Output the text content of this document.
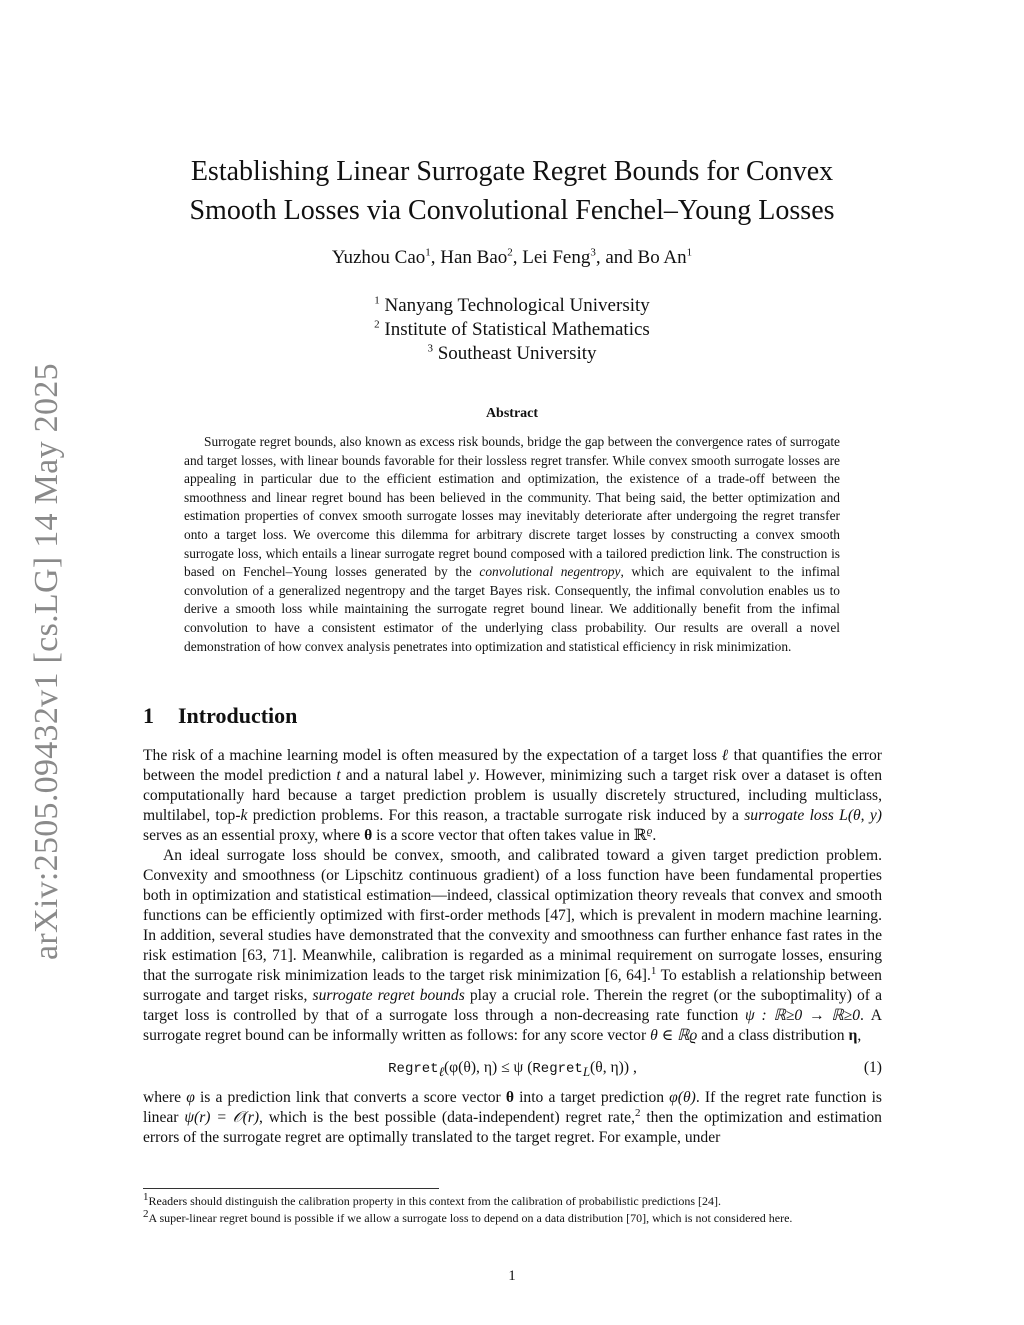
arXiv:2505.09432v1 [cs.LG] 14 May 2025
Establishing Linear Surrogate Regret Bounds for Convex
Smooth Losses via Convolutional Fenchel–Young Losses
Yuzhou Cao$^1$, Han Bao$^2$, Lei Feng$^3$, and Bo An$^1$
$^1$ Nanyang Technological University
$^2$ Institute of Statistical Mathematics
$^3$ Southeast University
Abstract

Surrogate regret bounds, also known as excess risk bounds, bridge the gap between the convergence rates of surrogate and target losses, with linear bounds favorable for their lossless regret transfer. While convex smooth surrogate losses are appealing in particular due to the efficient estimation and optimization, the existence of a trade-off between the smoothness and linear regret bound has been believed in the community. That being said, the better optimization and estimation properties of convex smooth surrogate losses may inevitably deteriorate after undergoing the regret transfer onto a target loss. We overcome this dilemma for arbitrary discrete target losses by constructing a convex smooth surrogate loss, which entails a linear surrogate regret bound composed with a tailored prediction link. The construction is based on Fenchel–Young losses generated by the convolutional negentropy, which are equivalent to the infimal convolution of a generalized negentropy and the target Bayes risk. Consequently, the infimal convolution enables us to derive a smooth loss while maintaining the surrogate regret bound linear. We additionally benefit from the infimal convolution to have a consistent estimator of the underlying class probability. Our results are overall a novel demonstration of how convex analysis penetrates into optimization and statistical efficiency in risk minimization.

1 Introduction

The risk of a machine learning model is often measured by the expectation of a target loss ℓ that quantifies the error between the model prediction t and a natural label y. However, minimizing such a target risk over a dataset is often computationally hard because a target prediction problem is usually discretely structured, including multiclass, multilabel, top-k prediction problems. For this reason, a tractable surrogate risk induced by a surrogate loss L(θ, y) serves as an essential proxy, where θ is a score vector that often takes value in ℝ$^ϱ$.

An ideal surrogate loss should be convex, smooth, and calibrated toward a given target prediction problem. Convexity and smoothness (or Lipschitz continuous gradient) of a loss function have been fundamental properties both in optimization and statistical estimation—indeed, classical optimization theory reveals that convex and smooth functions can be efficiently optimized with first-order methods [47], which is prevalent in modern machine learning. In addition, several studies have demonstrated that the convexity and smoothness can further enhance fast rates in the risk estimation [63, 71]. Meanwhile, calibration is regarded as a minimal requirement on surrogate losses, ensuring that the surrogate risk minimization leads to the target risk minimization [6, 64].$^1$ To establish a relationship between surrogate and target risks, surrogate regret bounds play a crucial role. Therein the regret (or the suboptimality) of a target loss is controlled by that of a surrogate loss through a non-decreasing rate function ψ : ℝ≥0 → ℝ≥0. A surrogate regret bound can be informally written as follows: for any score vector θ ∈ ℝϱ and a class distribution η,

Regret$_\ell$(φ(θ), η) ≤ ψ (Regret$_L$(θ, η)) ,	(1)

where φ is a prediction link that converts a score vector θ into a target prediction φ(θ). If the regret rate function is linear ψ(r) = 𝒪(r), which is the best possible (data-independent) regret rate,$^2$ then the optimization and estimation errors of the surrogate regret are optimally translated to the target regret. For example, under

$^1$Readers should distinguish the calibration property in this context from the calibration of probabilistic predictions [24].
$^2$A super-linear regret bound is possible if we allow a surrogate loss to depend on a data distribution [70], which is not considered here.
1
